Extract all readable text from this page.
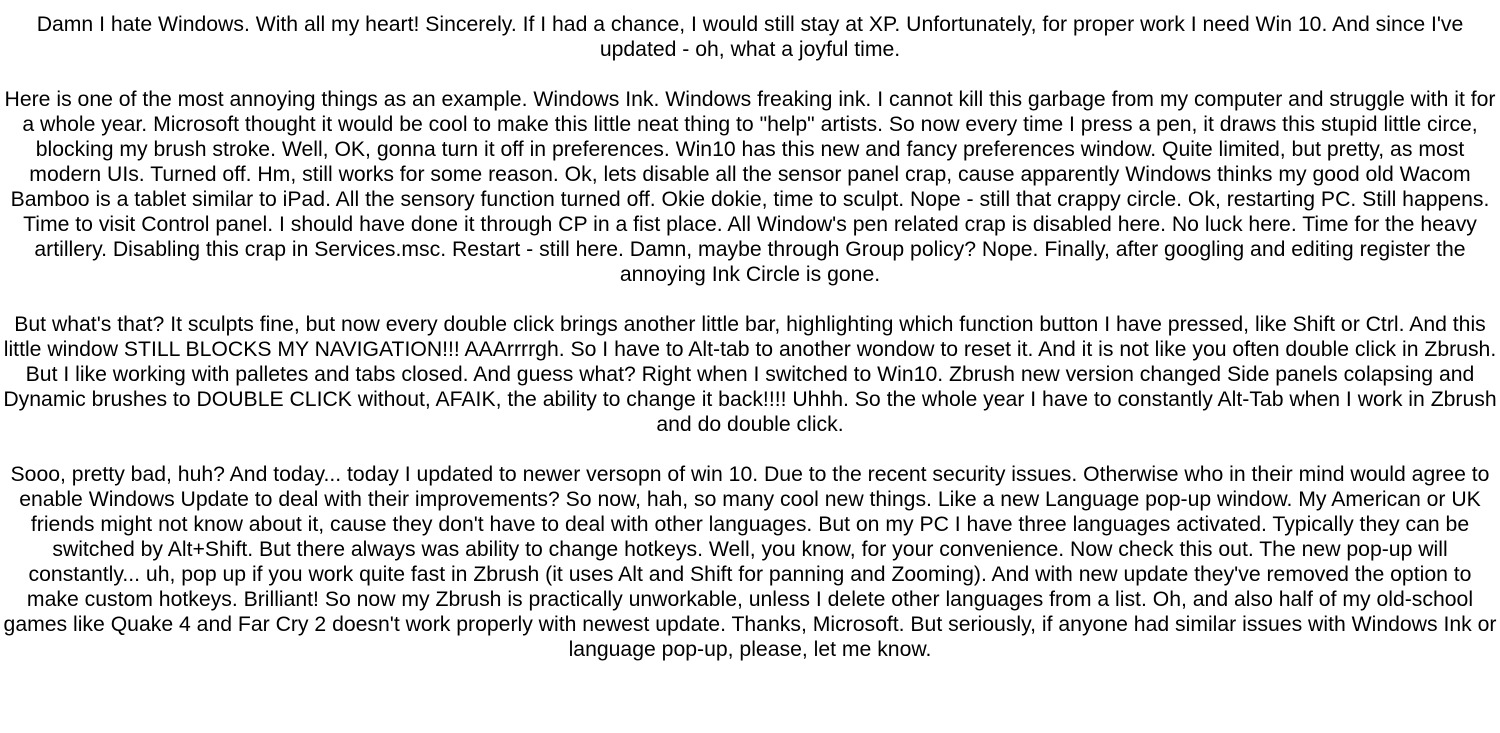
Damn I hate Windows. With all my heart! Sincerely. If I had a chance, I would still stay at XP. Unfortunately, for proper work I need Win 10. And since I've updated - oh, what a joyful time.

Here is one of the most annoying things as an example. Windows Ink. Windows freaking ink. I cannot kill this garbage from my computer and struggle with it for a whole year. Microsoft thought it would be cool to make this little neat thing to "help" artists. So now every time I press a pen, it draws this stupid little circe, blocking my brush stroke. Well, OK, gonna turn it off in preferences. Win10 has this new and fancy preferences window. Quite limited, but pretty, as most modern UIs. Turned off. Hm, still works for some reason. Ok, lets disable all the sensor panel crap, cause apparently Windows thinks my good old Wacom Bamboo is a tablet similar to iPad. All the sensory function turned off. Okie dokie, time to sculpt. Nope - still that crappy circle. Ok, restarting PC. Still happens. Time to visit Control panel. I should have done it through CP in a fist place. All Window's pen related crap is disabled here. No luck here. Time for the heavy artillery. Disabling this crap in Services.msc. Restart - still here. Damn, maybe through Group policy? Nope. Finally, after googling and editing register the annoying Ink Circle is gone.

But what's that? It sculpts fine, but now every double click brings another little bar, highlighting which function button I have pressed, like Shift or Ctrl. And this little window STILL BLOCKS MY NAVIGATION!!! AAArrrrgh. So I have to Alt-tab to another wondow to reset it. And it is not like you often double click in Zbrush. But I like working with palletes and tabs closed. And guess what? Right when I switched to Win10. Zbrush new version changed Side panels colapsing and Dynamic brushes to DOUBLE CLICK without, AFAIK, the ability to change it back!!!! Uhhh. So the whole year I have to constantly Alt-Tab when I work in Zbrush and do double click.

Sooo, pretty bad, huh? And today... today I updated to newer versopn of win 10. Due to the recent security issues. Otherwise who in their mind would agree to enable Windows Update to deal with their improvements? So now, hah, so many cool new things. Like a new Language pop-up window. My American or UK friends might not know about it, cause they don't have to deal with other languages. But on my PC I have three languages activated. Typically they can be switched by Alt+Shift. But there always was ability to change hotkeys. Well, you know, for your convenience. Now check this out. The new pop-up will constantly... uh, pop up if you work quite fast in Zbrush (it uses Alt and Shift for panning and Zooming). And with new update they've removed the option to make custom hotkeys. Brilliant! So now my Zbrush is practically unworkable, unless I delete other languages from a list. Oh, and also half of my old-school games like Quake 4 and Far Cry 2 doesn't work properly with newest update. Thanks, Microsoft. But seriously, if anyone had similar issues with Windows Ink or language pop-up, please, let me know.
